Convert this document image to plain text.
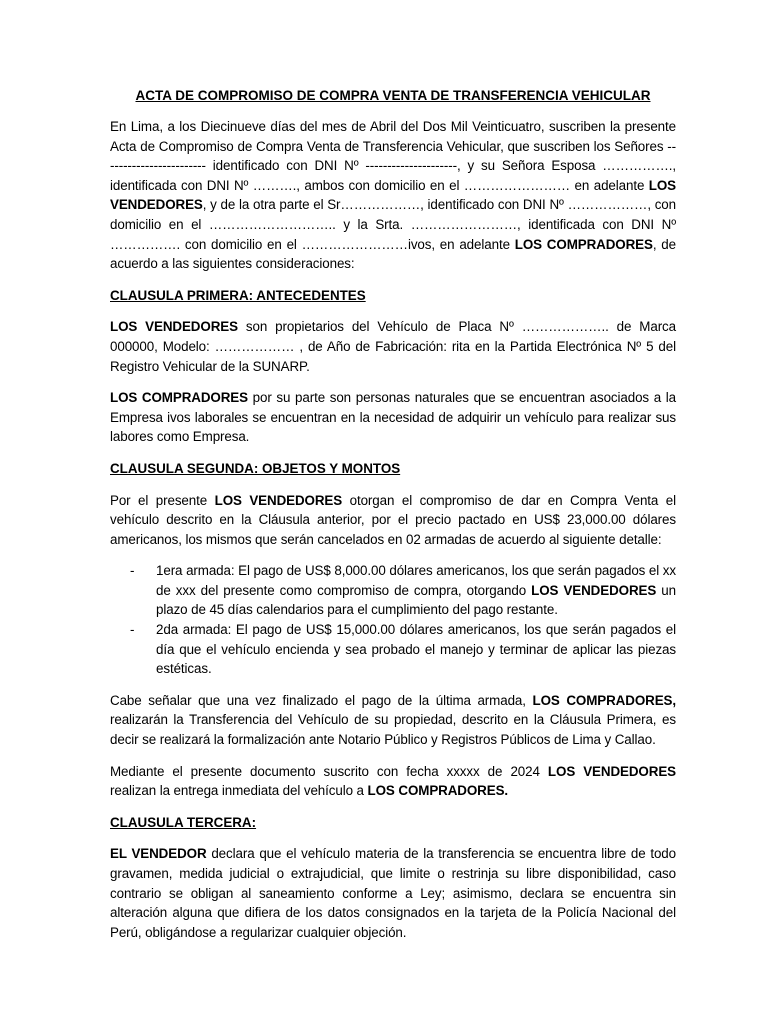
ACTA DE COMPROMISO DE COMPRA VENTA DE TRANSFERENCIA VEHICULAR

En Lima, a los Diecinueve días del mes de Abril del Dos Mil Veinticuatro, suscriben la presente Acta de Compromiso de Compra Venta de Transferencia Vehicular, que suscriben los Señores ------------------------ identificado con DNI Nº ---------------------, y su Señora Esposa ……………., identificada con DNI Nº ………., ambos con domicilio en el …………………… en adelante LOS VENDEDORES, y de la otra parte el Sr………………, identificado con DNI Nº ………………, con domicilio en el ……………………….. y la Srta. ……………………, identificada con DNI Nº ……………. con domicilio en el ……………………ivos, en adelante LOS COMPRADORES, de acuerdo a las siguientes consideraciones:

CLAUSULA PRIMERA: ANTECEDENTES

LOS VENDEDORES son propietarios del Vehículo de Placa Nº ……………….. de Marca 000000, Modelo: ……………… , de Año de Fabricación: rita en la Partida Electrónica Nº 5 del Registro Vehicular de la SUNARP.

LOS COMPRADORES por su parte son personas naturales que se encuentran asociados a la Empresa ivos laborales se encuentran en la necesidad de adquirir un vehículo para realizar sus labores como Empresa.

CLAUSULA SEGUNDA: OBJETOS Y MONTOS

Por el presente LOS VENDEDORES otorgan el compromiso de dar en Compra Venta el vehículo descrito en la Cláusula anterior, por el precio pactado en US$ 23,000.00 dólares americanos, los mismos que serán cancelados en 02 armadas de acuerdo al siguiente detalle:

- 1era armada: El pago de US$ 8,000.00 dólares americanos, los que serán pagados el xx de xxx del presente como compromiso de compra, otorgando LOS VENDEDORES un plazo de 45 días calendarios para el cumplimiento del pago restante.
- 2da armada: El pago de US$ 15,000.00 dólares americanos, los que serán pagados el día que el vehículo encienda y sea probado el manejo y terminar de aplicar las piezas estéticas.

Cabe señalar que una vez finalizado el pago de la última armada, LOS COMPRADORES, realizarán la Transferencia del Vehículo de su propiedad, descrito en la Cláusula Primera, es decir se realizará la formalización ante Notario Público y Registros Públicos de Lima y Callao.

Mediante el presente documento suscrito con fecha xxxxx de 2024 LOS VENDEDORES realizan la entrega inmediata del vehículo a LOS COMPRADORES.

CLAUSULA TERCERA:

EL VENDEDOR declara que el vehículo materia de la transferencia se encuentra libre de todo gravamen, medida judicial o extrajudicial, que limite o restrinja su libre disponibilidad, caso contrario se obligan al saneamiento conforme a Ley; asimismo, declara se encuentra sin alteración alguna que difiera de los datos consignados en la tarjeta de la Policía Nacional del Perú, obligándose a regularizar cualquier objeción.
